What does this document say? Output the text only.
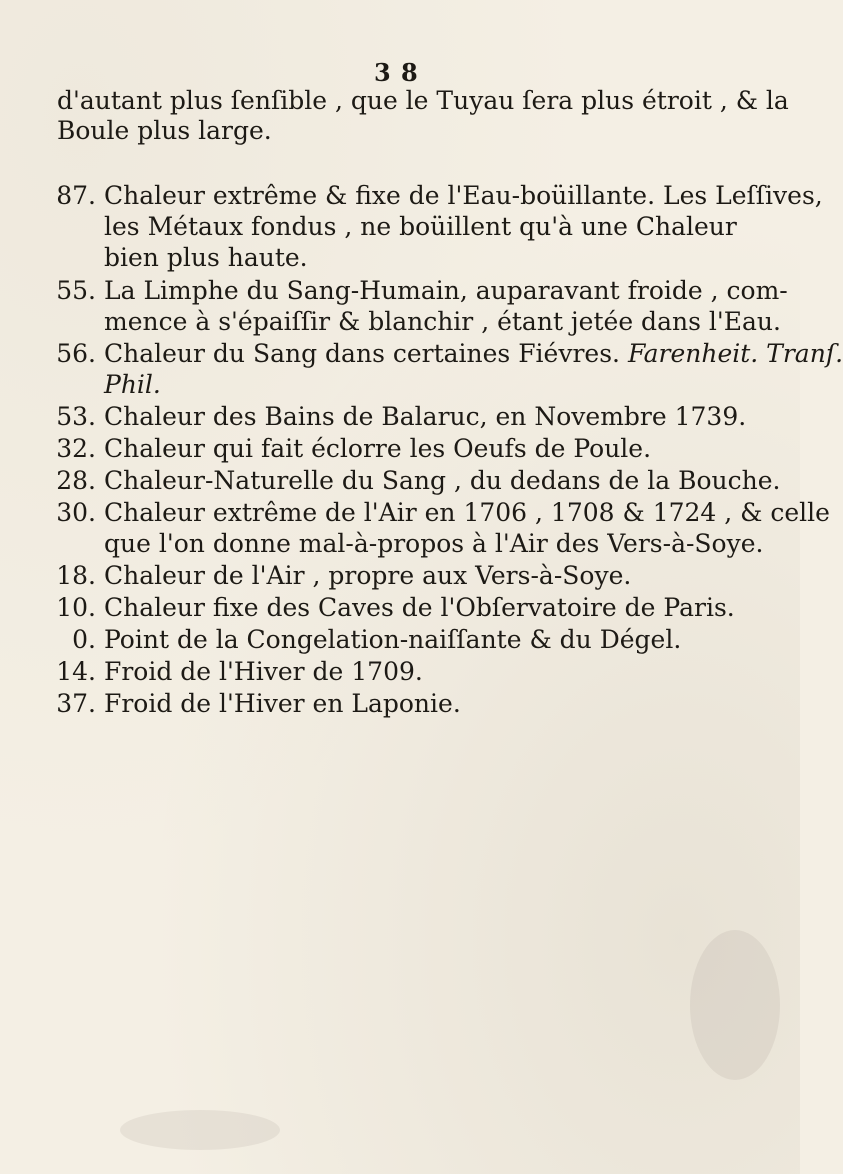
3 8
d'autant plus ſenſible , que le Tuyau ſera plus étroit , & la
Boule plus large.
87. Chaleur extrême & fixe de l'Eau-boüillante. Les Leſſives,
les Métaux fondus , ne boüillent qu'à une Chaleur
bien plus haute.
55. La Limphe du Sang-Humain, auparavant froide , com-
mence à s'épaiſſir & blanchir , étant jetée dans l'Eau.
56. Chaleur du Sang dans certaines Fiévres. Farenheit. Tranſ.
Phil.
53. Chaleur des Bains de Balaruc, en Novembre 1739.
32. Chaleur qui fait éclorre les Oeufs de Poule.
28. Chaleur-Naturelle du Sang , du dedans de la Bouche.
30. Chaleur extrême de l'Air en 1706 , 1708 & 1724 , & celle
que l'on donne mal-à-propos à l'Air des Vers-à-Soye.
18. Chaleur de l'Air , propre aux Vers-à-Soye.
10. Chaleur fixe des Caves de l'Obſervatoire de Paris.
0. Point de la Congelation-naiſſante & du Dégel.
14. Froid de l'Hiver de 1709.
37. Froid de l'Hiver en Laponie.
